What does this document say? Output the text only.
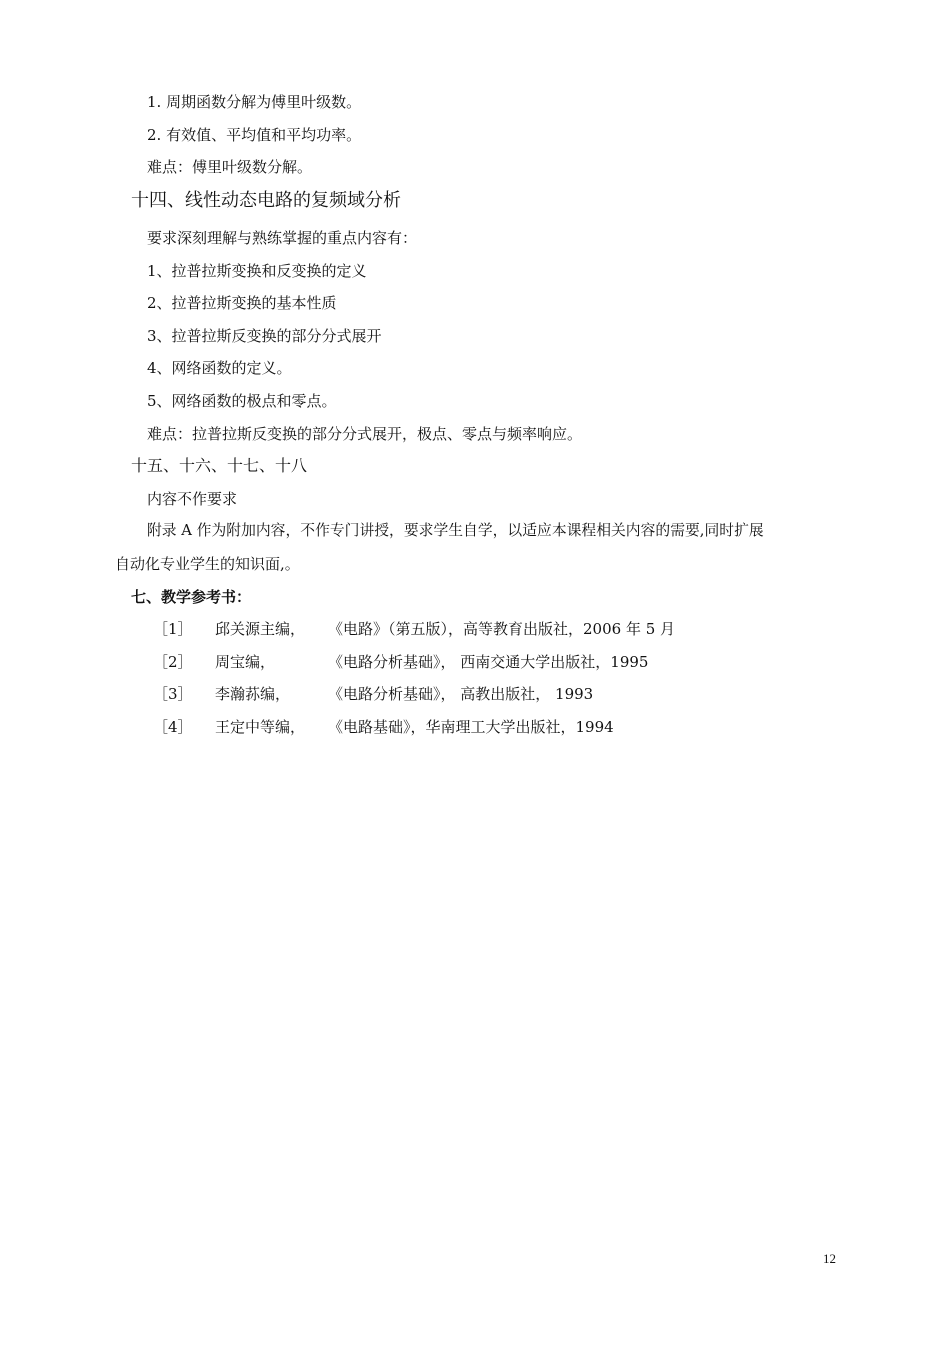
1. 周期函数分解为傅里叶级数。
2. 有效值、平均值和平均功率。
难点：傅里叶级数分解。
十四、线性动态电路的复频域分析
要求深刻理解与熟练掌握的重点内容有：
1、拉普拉斯变换和反变换的定义
2、拉普拉斯变换的基本性质
3、拉普拉斯反变换的部分分式展开
4、网络函数的定义。
5、网络函数的极点和零点。
难点：拉普拉斯反变换的部分分式展开，极点、零点与频率响应。
十五、十六、十七、十八
内容不作要求
附录 A 作为附加内容，不作专门讲授，要求学生自学，以适应本课程相关内容的需要,同时扩展
自动化专业学生的知识面,。
七、教学参考书：
［1］ 邱关源主编， 《电路》（第五版），高等教育出版社，2006 年 5 月
［2］ 周宝编，	《电路分析基础》， 西南交通大学出版社，1995
［3］ 李瀚荪编，	《电路分析基础》， 高教出版社， 1993
［4］ 王定中等编， 《电路基础》，华南理工大学出版社，1994
12
